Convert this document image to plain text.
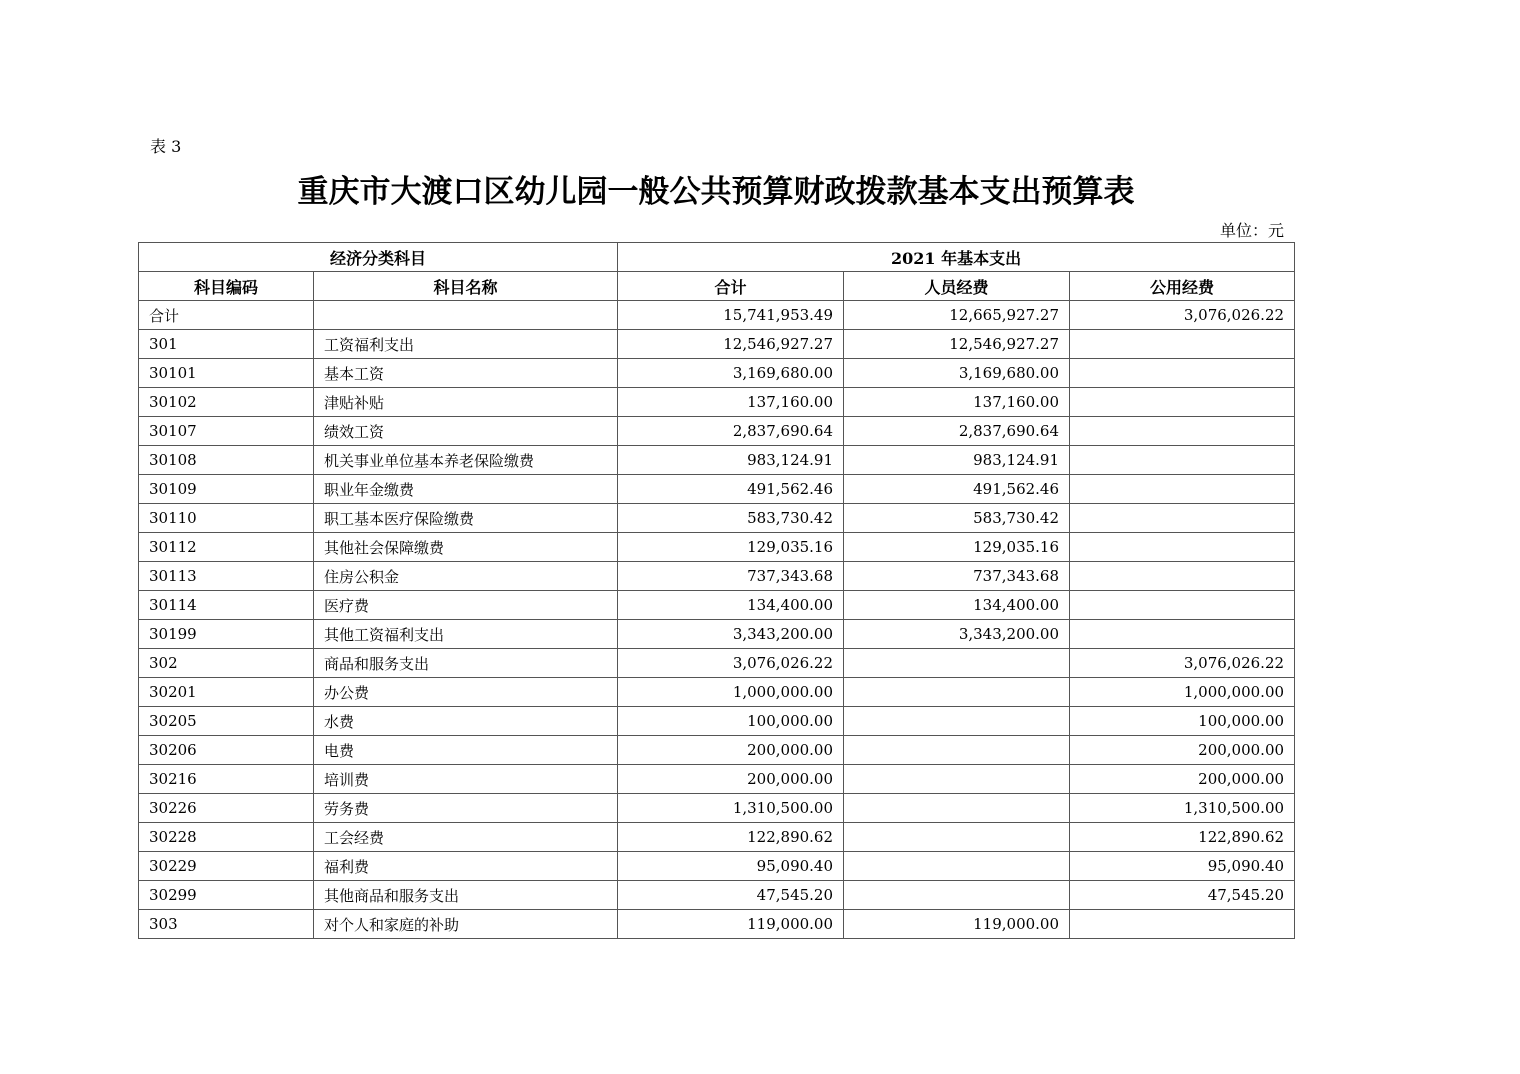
表 3
重庆市大渡口区幼儿园一般公共预算财政拨款基本支出预算表
单位：元
经济分类科目		2021 年基本支出		
科目编码	科目名称	合计	人员经费	公用经费
合计		15,741,953.49	12,665,927.27	3,076,026.22
301	工资福利支出	12,546,927.27	12,546,927.27	
30101	基本工资	3,169,680.00	3,169,680.00	
30102	津贴补贴	137,160.00	137,160.00	
30107	绩效工资	2,837,690.64	2,837,690.64	
30108	机关事业单位基本养老保险缴费	983,124.91	983,124.91	
30109	职业年金缴费	491,562.46	491,562.46	
30110	职工基本医疗保险缴费	583,730.42	583,730.42	
30112	其他社会保障缴费	129,035.16	129,035.16	
30113	住房公积金	737,343.68	737,343.68	
30114	医疗费	134,400.00	134,400.00	
30199	其他工资福利支出	3,343,200.00	3,343,200.00	
302	商品和服务支出	3,076,026.22		3,076,026.22
30201	办公费	1,000,000.00		1,000,000.00
30205	水费	100,000.00		100,000.00
30206	电费	200,000.00		200,000.00
30216	培训费	200,000.00		200,000.00
30226	劳务费	1,310,500.00		1,310,500.00
30228	工会经费	122,890.62		122,890.62
30229	福利费	95,090.40		95,090.40
30299	其他商品和服务支出	47,545.20		47,545.20
303	对个人和家庭的补助	119,000.00	119,000.00	
